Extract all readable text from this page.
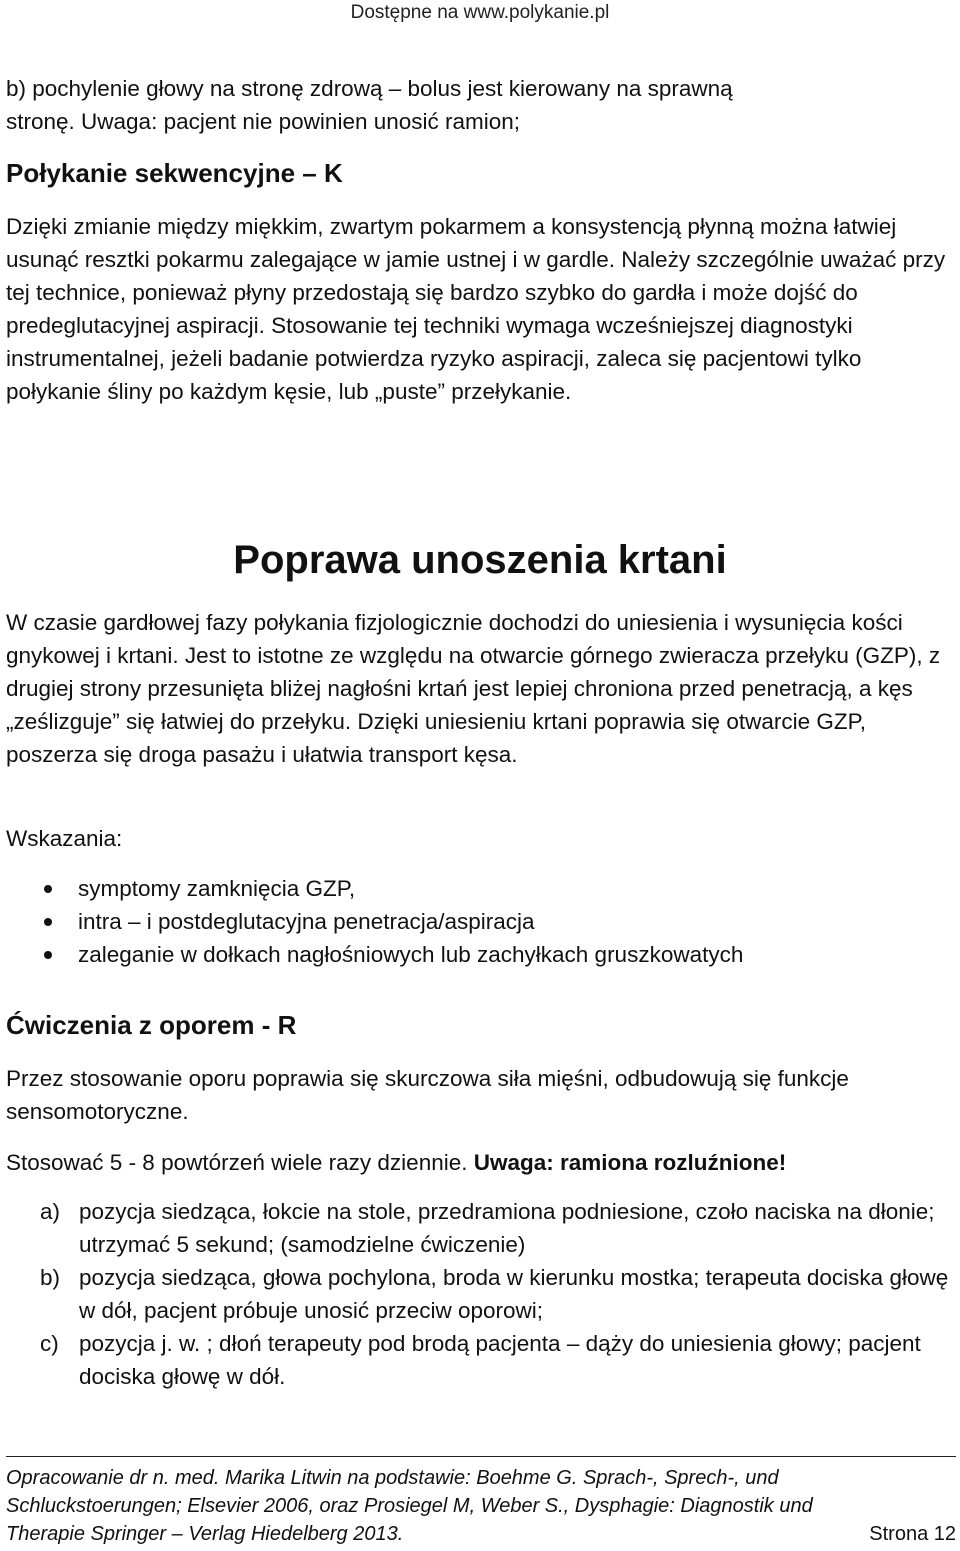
Dostępne na www.polykanie.pl

b) pochylenie głowy na stronę zdrową – bolus jest kierowany na sprawną
stronę. Uwaga: pacjent nie powinien unosić ramion;

Połykanie sekwencyjne – K

Dzięki zmianie między miękkim, zwartym pokarmem a konsystencją płynną można łatwiej usunąć resztki pokarmu zalegające w jamie ustnej i w gardle. Należy szczególnie uważać przy tej technice, ponieważ płyny przedostają się bardzo szybko do gardła i może dojść do predeglutacyjnej aspiracji. Stosowanie tej techniki wymaga wcześniejszej diagnostyki instrumentalnej, jeżeli badanie potwierdza ryzyko aspiracji, zaleca się pacjentowi tylko połykanie śliny po każdym kęsie, lub „puste” przełykanie.

Poprawa unoszenia krtani

W czasie gardłowej fazy połykania fizjologicznie dochodzi do uniesienia i wysunięcia kości gnykowej i krtani. Jest to istotne ze względu na otwarcie górnego zwieracza przełyku (GZP), z drugiej strony przesunięta bliżej nagłośni krtań jest lepiej chroniona przed penetracją, a kęs „ześlizguje” się łatwiej do przełyku. Dzięki uniesieniu krtani poprawia się otwarcie GZP, poszerza się droga pasażu i ułatwia transport kęsa.

Wskazania:

symptomy zamknięcia GZP,
intra – i postdeglutacyjna penetracja/aspiracja
zaleganie w dołkach nagłośniowych lub zachyłkach gruszkowatych
Ćwiczenia z oporem - R

Przez stosowanie oporu poprawia się skurczowa siła mięśni, odbudowują się funkcje sensomotoryczne.

Stosować 5 - 8 powtórzeń wiele razy dziennie. Uwaga: ramiona rozluźnione!

a) pozycja siedząca, łokcie na stole, przedramiona podniesione, czoło naciska na dłonie; utrzymać 5 sekund; (samodzielne ćwiczenie)
b) pozycja siedząca, głowa pochylona, broda w kierunku mostka; terapeuta dociska głowę w dół, pacjent próbuje unosić przeciw oporowi;
c) pozycja j. w. ; dłoń terapeuty pod brodą pacjenta – dąży do uniesienia głowy; pacjent dociska głowę w dół.
Opracowanie dr n. med. Marika Litwin na podstawie: Boehme G. Sprach-, Sprech-, und
Schluckstoerungen; Elsevier 2006, oraz Prosiegel M, Weber S., Dysphagie: Diagnostik und
Therapie Springer – Verlag Hiedelberg 2013.	Strona 12
